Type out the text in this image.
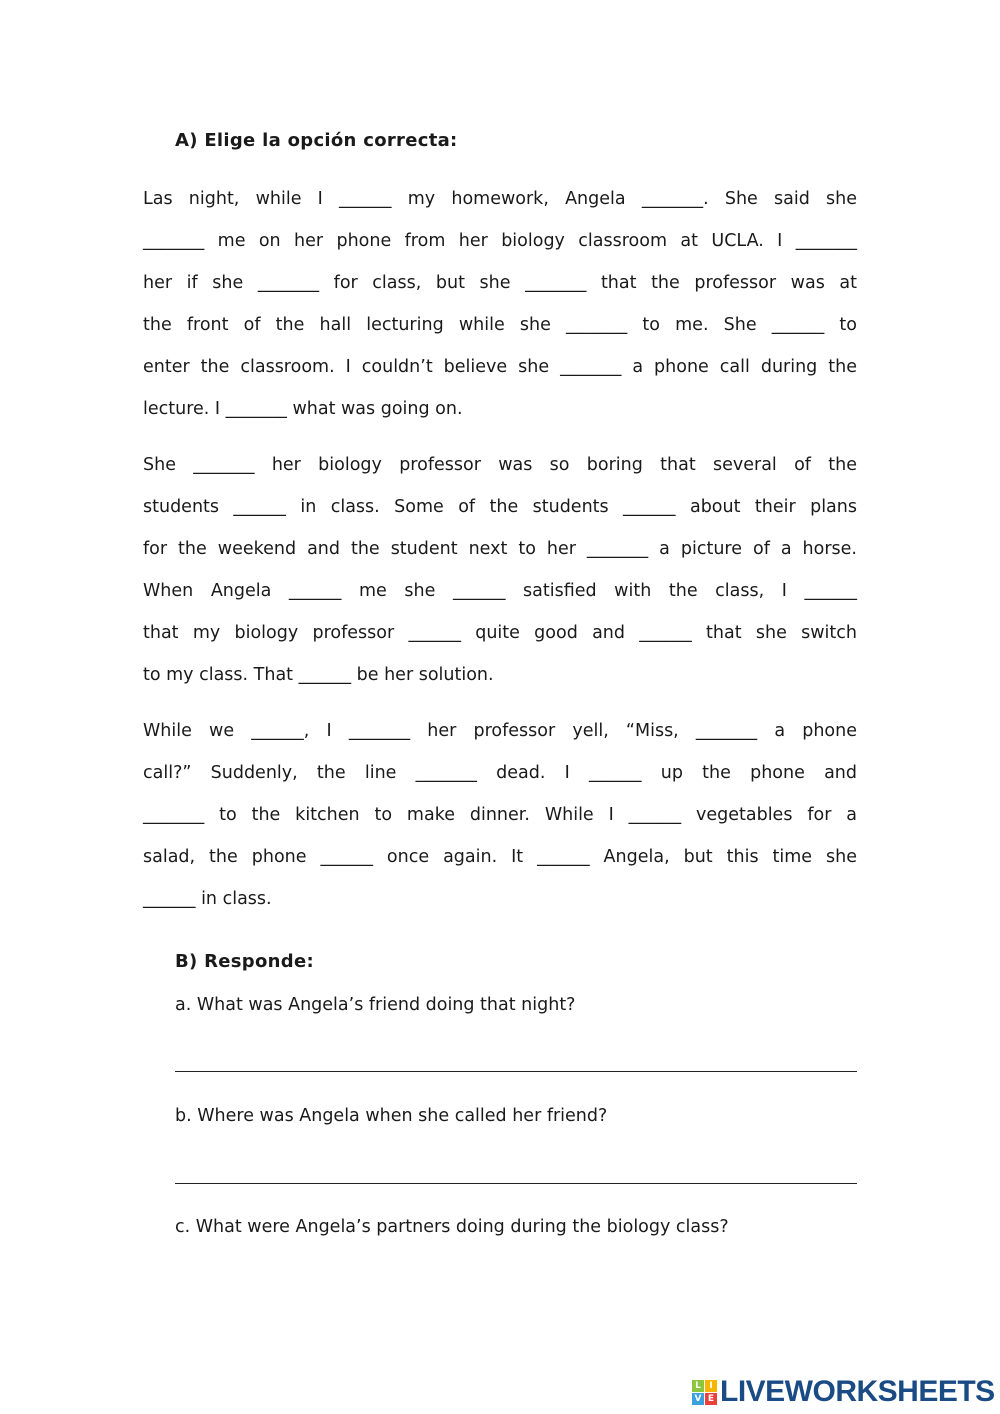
A) Elige la opción correcta:
Las night, while I ______ my homework, Angela _______. She said she
_______ me on her phone from her biology classroom at UCLA. I _______
her if she _______ for class, but she _______ that the professor was at
the front of the hall lecturing while she _______ to me. She ______ to
enter the classroom. I couldn’t believe she _______ a phone call during the
lecture. I _______ what was going on.
She _______ her biology professor was so boring that several of the
students ______ in class. Some of the students ______ about their plans
for the weekend and the student next to her _______ a picture of a horse.
When Angela ______ me she ______ satisfied with the class, I ______
that my biology professor ______ quite good and ______ that she switch
to my class. That ______ be her solution.
While we ______, I _______ her professor yell, “Miss, _______ a phone
call?” Suddenly, the line _______ dead. I ______ up the phone and
_______ to the kitchen to make dinner. While I ______ vegetables for a
salad, the phone ______ once again. It ______ Angela, but this time she
______ in class.
B) Responde:
a. What was Angela’s friend doing that night?
b. Where was Angela when she called her friend?
c. What were Angela’s partners doing during the biology class?
L I
V E LIVEWORKSHEETS
